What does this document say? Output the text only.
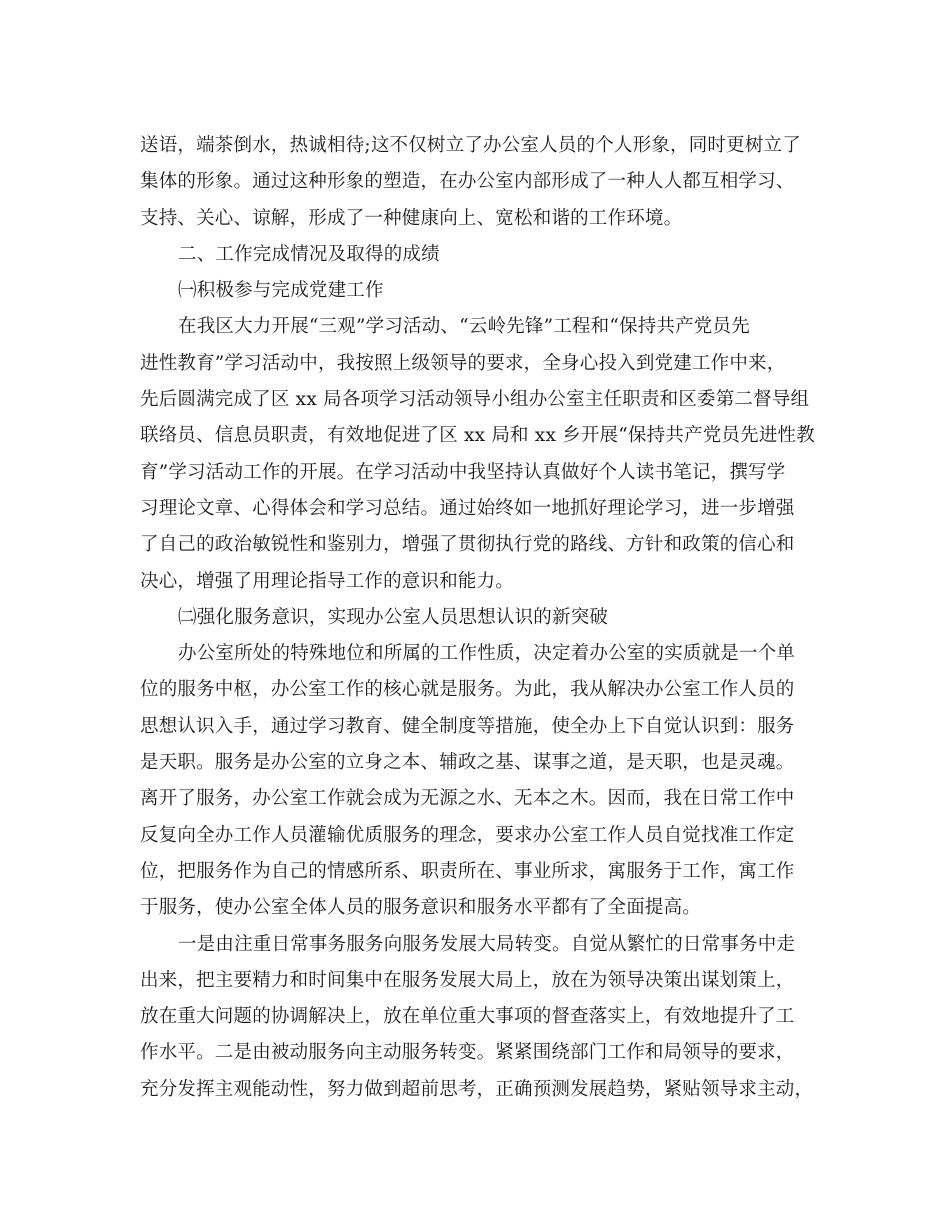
送语，端茶倒水，热诚相待;这不仅树立了办公室人员的个人形象，同时更树立了
集体的形象。通过这种形象的塑造，在办公室内部形成了一种人人都互相学习、
支持、关心、谅解，形成了一种健康向上、宽松和谐的工作环境。
二、工作完成情况及取得的成绩
㈠积极参与完成党建工作
在我区大力开展“三观”学习活动、“云岭先锋”工程和“保持共产党员先
进性教育”学习活动中，我按照上级领导的要求，全身心投入到党建工作中来，
先后圆满完成了区 xx 局各项学习活动领导小组办公室主任职责和区委第二督导组
联络员、信息员职责，有效地促进了区 xx 局和 xx 乡开展“保持共产党员先进性教
育”学习活动工作的开展。在学习活动中我坚持认真做好个人读书笔记，撰写学
习理论文章、心得体会和学习总结。通过始终如一地抓好理论学习，进一步增强
了自己的政治敏锐性和鉴别力，增强了贯彻执行党的路线、方针和政策的信心和
决心，增强了用理论指导工作的意识和能力。
㈡强化服务意识，实现办公室人员思想认识的新突破
办公室所处的特殊地位和所属的工作性质，决定着办公室的实质就是一个单
位的服务中枢，办公室工作的核心就是服务。为此，我从解决办公室工作人员的
思想认识入手，通过学习教育、健全制度等措施，使全办上下自觉认识到：服务
是天职。服务是办公室的立身之本、辅政之基、谋事之道，是天职，也是灵魂。
离开了服务，办公室工作就会成为无源之水、无本之木。因而，我在日常工作中
反复向全办工作人员灌输优质服务的理念，要求办公室工作人员自觉找准工作定
位，把服务作为自己的情感所系、职责所在、事业所求，寓服务于工作，寓工作
于服务，使办公室全体人员的服务意识和服务水平都有了全面提高。
一是由注重日常事务服务向服务发展大局转变。自觉从繁忙的日常事务中走
出来，把主要精力和时间集中在服务发展大局上，放在为领导决策出谋划策上，
放在重大问题的协调解决上，放在单位重大事项的督查落实上，有效地提升了工
作水平。二是由被动服务向主动服务转变。紧紧围绕部门工作和局领导的要求，
充分发挥主观能动性，努力做到超前思考，正确预测发展趋势，紧贴领导求主动，
